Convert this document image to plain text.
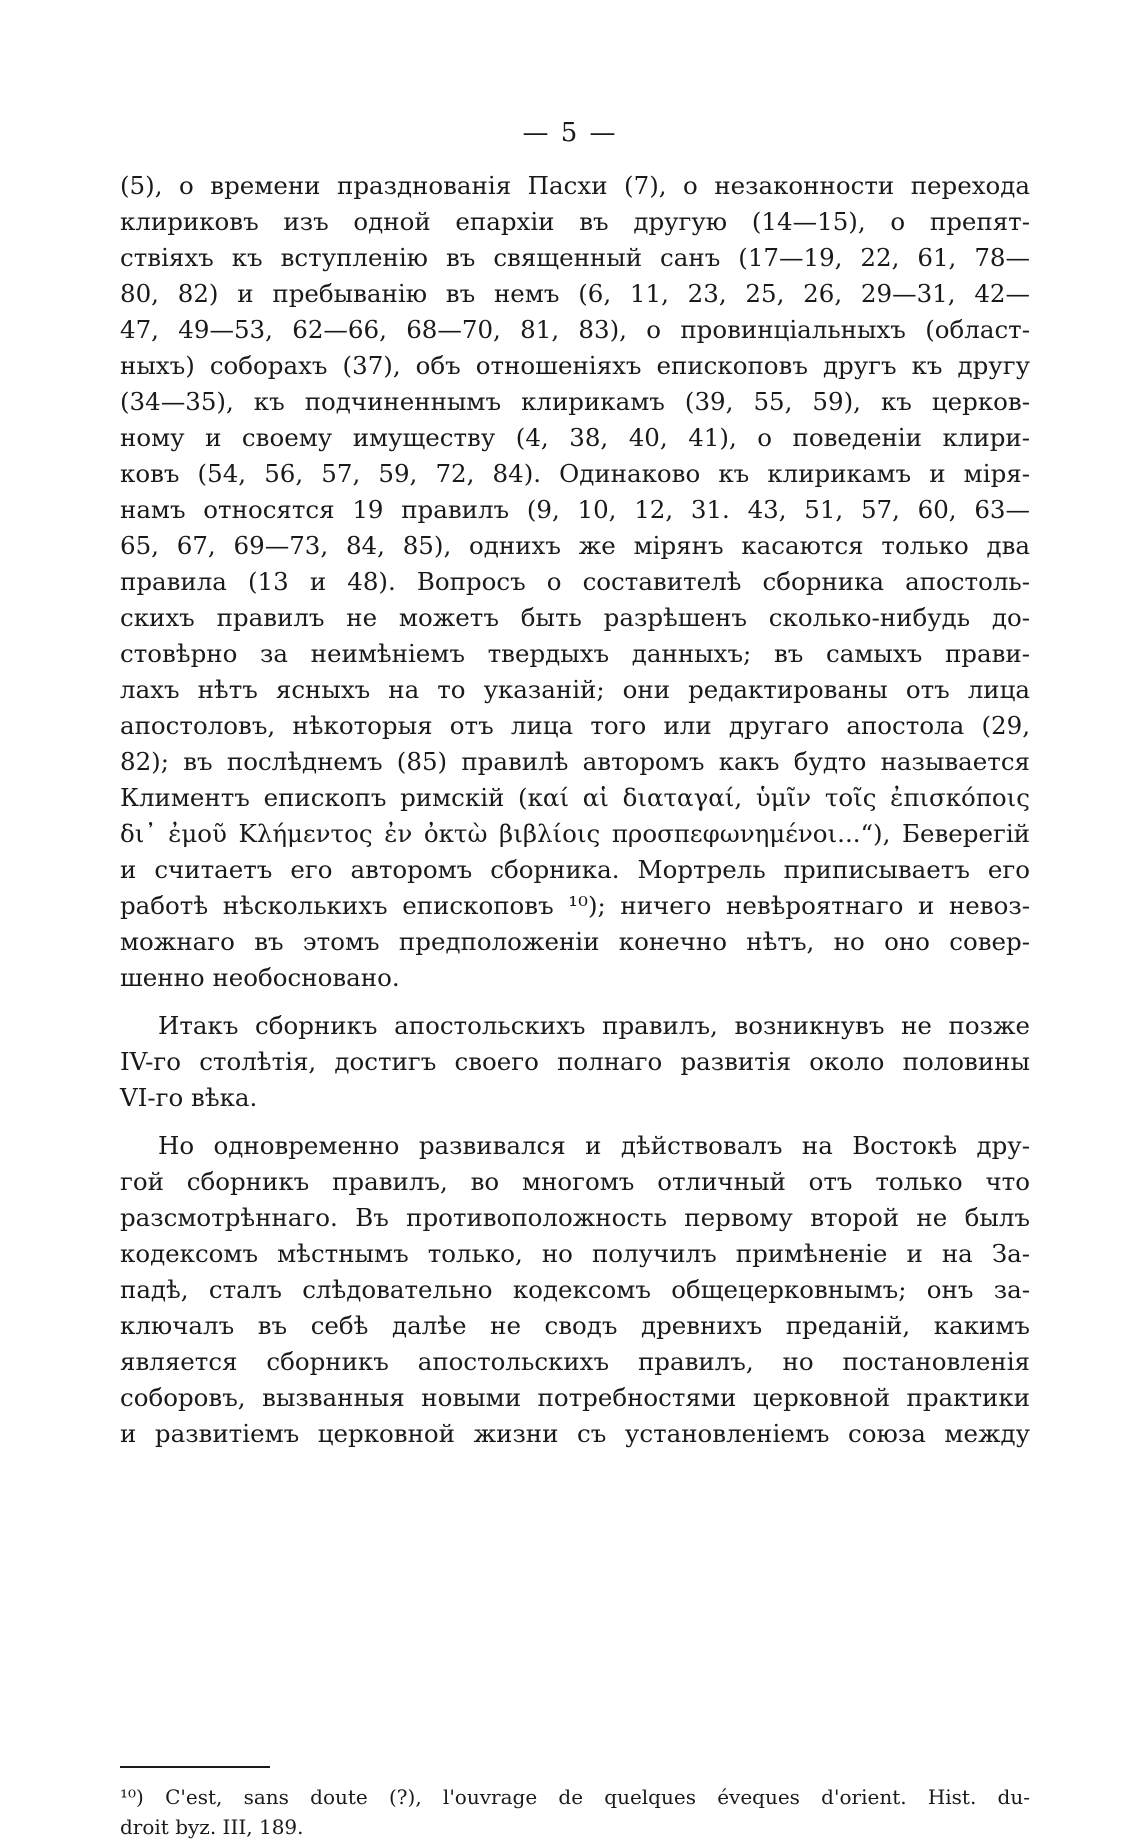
— 5 —
(5), о времени празднованія Пасхи (7), о незаконности перехода
клириковъ изъ одной епархіи въ другую (14—15), о препят-
ствіяхъ къ вступленію въ священный санъ (17—19, 22, 61, 78—
80, 82) и пребыванію въ немъ (6, 11, 23, 25, 26, 29—31, 42—
47, 49—53, 62—66, 68—70, 81, 83), о провинціальныхъ (област-
ныхъ) соборахъ (37), объ отношеніяхъ епископовъ другъ къ другу
(34—35), къ подчиненнымъ клирикамъ (39, 55, 59), къ церков-
ному и своему имуществу (4, 38, 40, 41), о поведеніи клири-
ковъ (54, 56, 57, 59, 72, 84). Одинаково къ клирикамъ и міря-
намъ относятся 19 правилъ (9, 10, 12, 31. 43, 51, 57, 60, 63—
65, 67, 69—73, 84, 85), однихъ же мірянъ касаются только два
правила (13 и 48). Вопросъ о составителѣ сборника апостоль-
скихъ правилъ не можетъ быть разрѣшенъ сколько-нибудь до-
стовѣрно за неимѣніемъ твердыхъ данныхъ; въ самыхъ прави-
лахъ нѣтъ ясныхъ на то указаній; они редактированы отъ лица
апостоловъ, нѣкоторыя отъ лица того или другаго апостола (29,
82); въ послѣднемъ (85) правилѣ авторомъ какъ будто называется
Климентъ епископъ римскій (καί αἱ διαταγαί, ὑμῖν τοῖς ἐπισκόποις
δι᾽ ἐμοῦ Κλήμεντος ἐν ὀκτὼ βιβλίοις προσπεφωνημένοι...“), Беверегій
и считаетъ его авторомъ сборника. Мортрель приписываетъ его
работѣ нѣсколькихъ епископовъ ¹⁰); ничего невѣроятнаго и невоз-
можнаго въ этомъ предположеніи конечно нѣтъ, но оно совер-
шенно необосновано.
Итакъ сборникъ апостольскихъ правилъ, возникнувъ не позже
IV-го столѣтія, достигъ своего полнаго развитія около половины
VI-го вѣка.
Но одновременно развивался и дѣйствовалъ на Востокѣ дру-
гой сборникъ правилъ, во многомъ отличный отъ только что
разсмотрѣннаго. Въ противоположность первому второй не былъ
кодексомъ мѣстнымъ только, но получилъ примѣненіе и на За-
падѣ, сталъ слѣдовательно кодексомъ общецерковнымъ; онъ за-
ключалъ въ себѣ далѣе не сводъ древнихъ преданій, какимъ
является сборникъ апостольскихъ правилъ, но постановленія
соборовъ, вызванныя новыми потребностями церковной практики
и развитіемъ церковной жизни съ установленіемъ союза между
¹⁰) C'est, sans doute (?), l'ouvrage de quelques éveques d'orient. Hist. du-
droit byz. III, 189.
